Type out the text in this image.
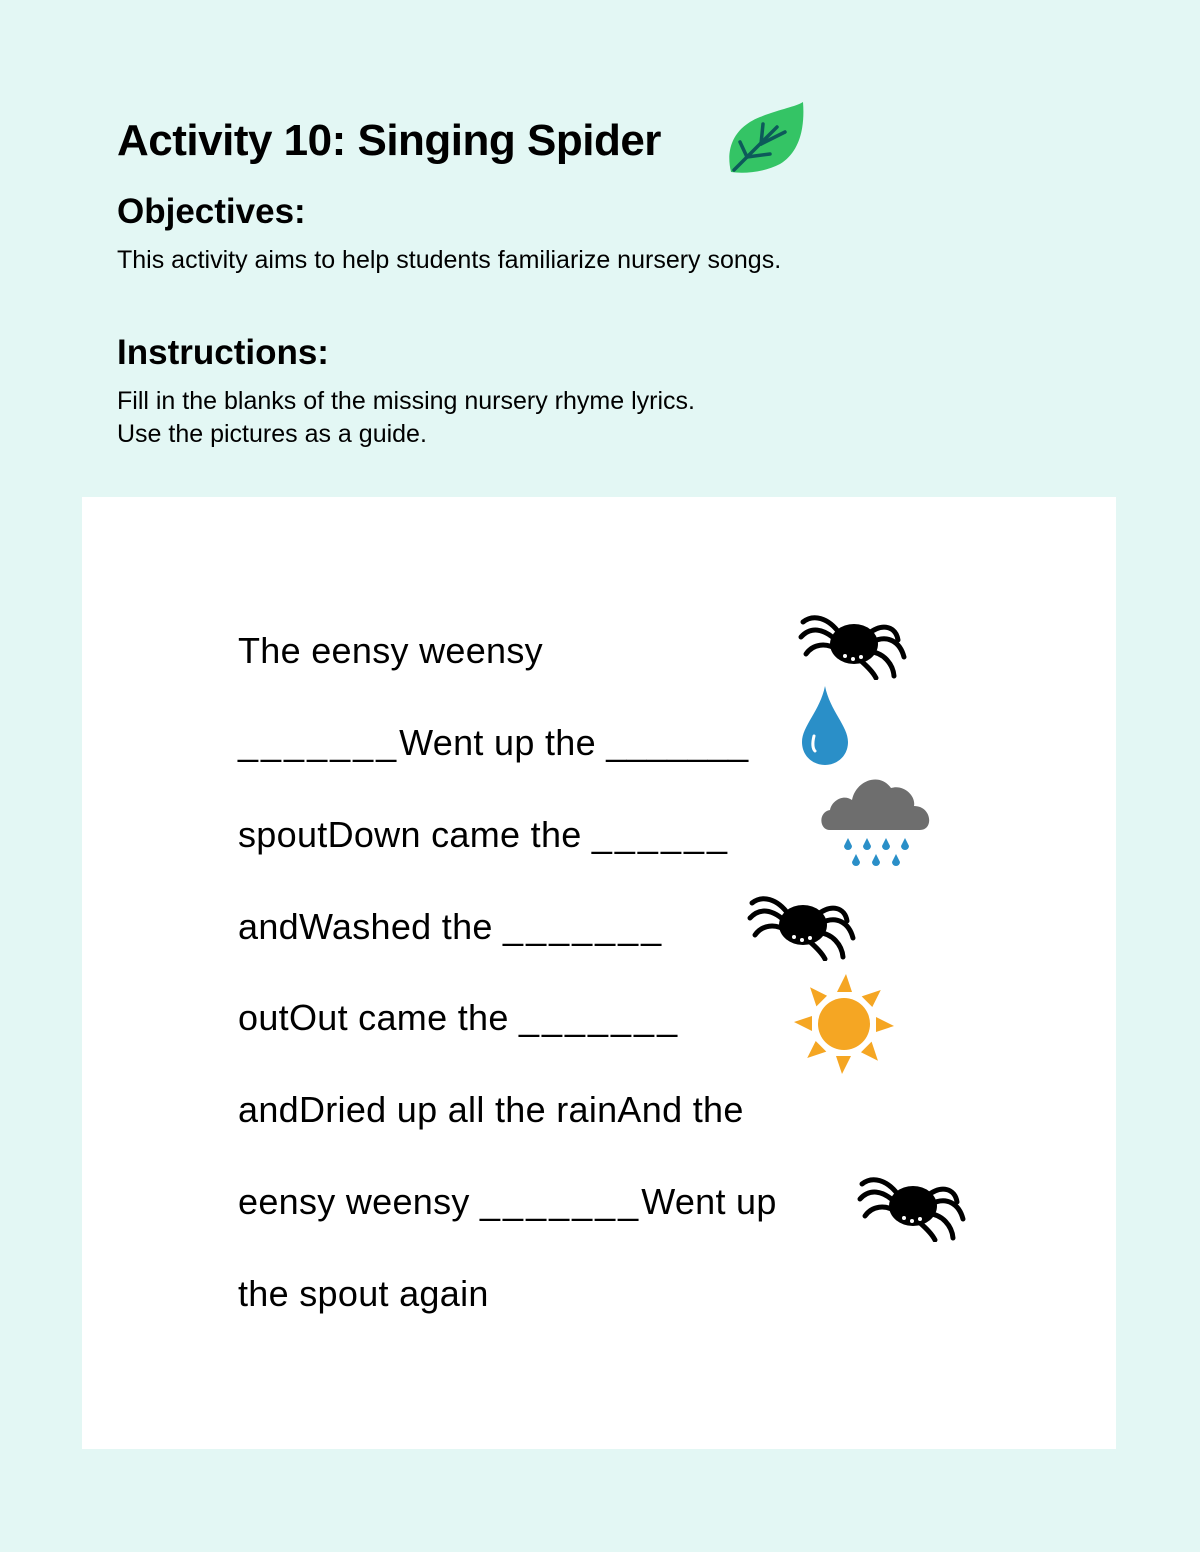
Activity 10: Singing Spider
Objectives:
This activity aims to help students familiarize nursery songs.
Instructions:
Fill in the blanks of the missing nursery rhyme lyrics.
Use the pictures as a guide.
The eensy weensy
_______Went up the _______
spoutDown came the ______
andWashed the _______
outOut came the _______
andDried up all the rainAnd the
eensy weensy _______Went up
the spout again
